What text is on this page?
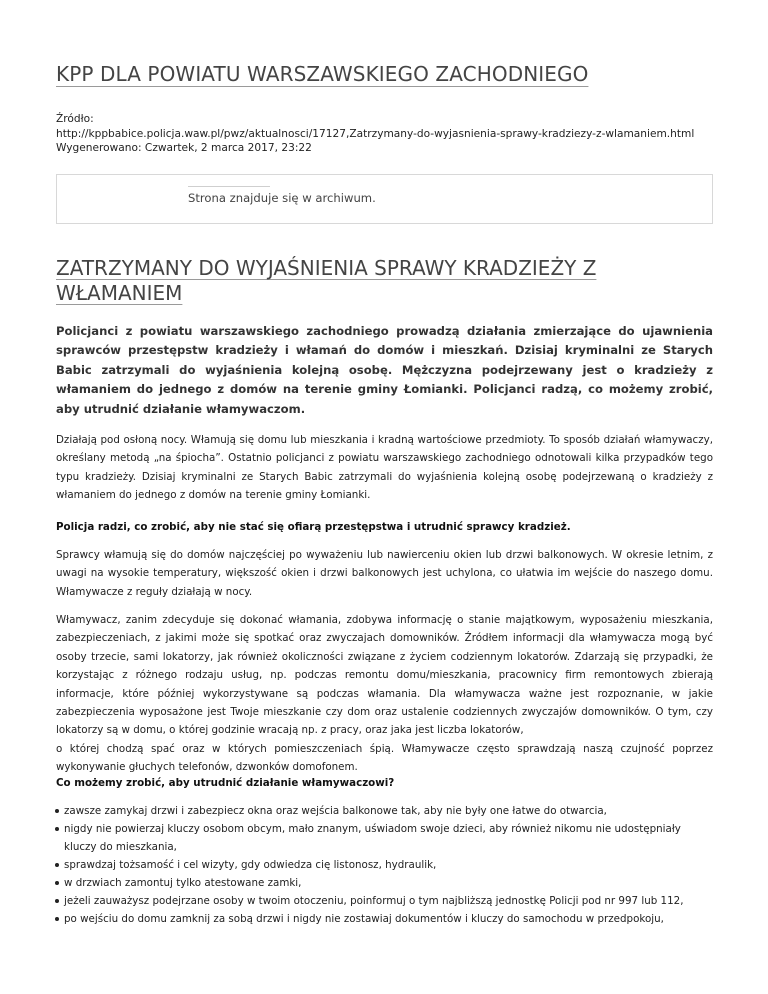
KPP DLA POWIATU WARSZAWSKIEGO ZACHODNIEGO
Źródło:
http://kppbabice.policja.waw.pl/pwz/aktualnosci/17127,Zatrzymany-do-wyjasnienia-sprawy-kradziezy-z-wlamaniem.html
Wygenerowano: Czwartek, 2 marca 2017, 23:22
Strona znajduje się w archiwum.
ZATRZYMANY DO WYJAŚNIENIA SPRAWY KRADZIEŻY Z WŁAMANIEM

Policjanci z powiatu warszawskiego zachodniego prowadzą działania zmierzające do ujawnienia sprawców przestępstw kradzieży i włamań do domów i mieszkań. Dzisiaj kryminalni ze Starych Babic zatrzymali do wyjaśnienia kolejną osobę. Mężczyzna podejrzewany jest o kradzieży z włamaniem do jednego z domów na terenie gminy Łomianki. Policjanci radzą, co możemy zrobić, aby utrudnić działanie włamywaczom.

Działają pod osłoną nocy. Włamują się domu lub mieszkania i kradną wartościowe przedmioty. To sposób działań włamywaczy, określany metodą „na śpiocha”. Ostatnio policjanci z powiatu warszawskiego zachodniego odnotowali kilka przypadków tego typu kradzieży. Dzisiaj kryminalni ze Starych Babic zatrzymali do wyjaśnienia kolejną osobę podejrzewaną o kradzieży z włamaniem do jednego z domów na terenie gminy Łomianki.

Policja radzi, co zrobić, aby nie stać się ofiarą przestępstwa i utrudnić sprawcy kradzież.

Sprawcy włamują się do domów najczęściej po wyważeniu lub nawierceniu okien lub drzwi balkonowych. W okresie letnim, z uwagi na wysokie temperatury, większość okien i drzwi balkonowych jest uchylona, co ułatwia im wejście do naszego domu. Włamywacze z reguły działają w nocy.

Włamywacz, zanim zdecyduje się dokonać włamania, zdobywa informację o stanie majątkowym, wyposażeniu mieszkania, zabezpieczeniach, z jakimi może się spotkać oraz zwyczajach domowników. Źródłem informacji dla włamywacza mogą być osoby trzecie, sami lokatorzy, jak również okoliczności związane z życiem codziennym lokatorów. Zdarzają się przypadki, że korzystając z różnego rodzaju usług, np. podczas remontu domu/mieszkania, pracownicy firm remontowych zbierają informacje, które później wykorzystywane są podczas włamania. Dla włamywacza ważne jest rozpoznanie, w jakie zabezpieczenia wyposażone jest Twoje mieszkanie czy dom oraz ustalenie codziennych zwyczajów domowników. O tym, czy lokatorzy są w domu, o której godzinie wracają np. z pracy, oraz jaka jest liczba lokatorów,
o której chodzą spać oraz w których pomieszczeniach śpią. Włamywacze często sprawdzają naszą czujność poprzez wykonywanie głuchych telefonów, dzwonków domofonem.

Co możemy zrobić, aby utrudnić działanie włamywaczowi?

zawsze zamykaj drzwi i zabezpiecz okna oraz wejścia balkonowe tak, aby nie były one łatwe do otwarcia,
nigdy nie powierzaj kluczy osobom obcym, mało znanym, uświadom swoje dzieci, aby również nikomu nie udostępniały kluczy do mieszkania,
sprawdzaj tożsamość i cel wizyty, gdy odwiedza cię listonosz, hydraulik,
w drzwiach zamontuj tylko atestowane zamki,
jeżeli zauważysz podejrzane osoby w twoim otoczeniu, poinformuj o tym najbliższą jednostkę Policji pod nr 997 lub 112,
po wejściu do domu zamknij za sobą drzwi i nigdy nie zostawiaj dokumentów i kluczy do samochodu w przedpokoju,
